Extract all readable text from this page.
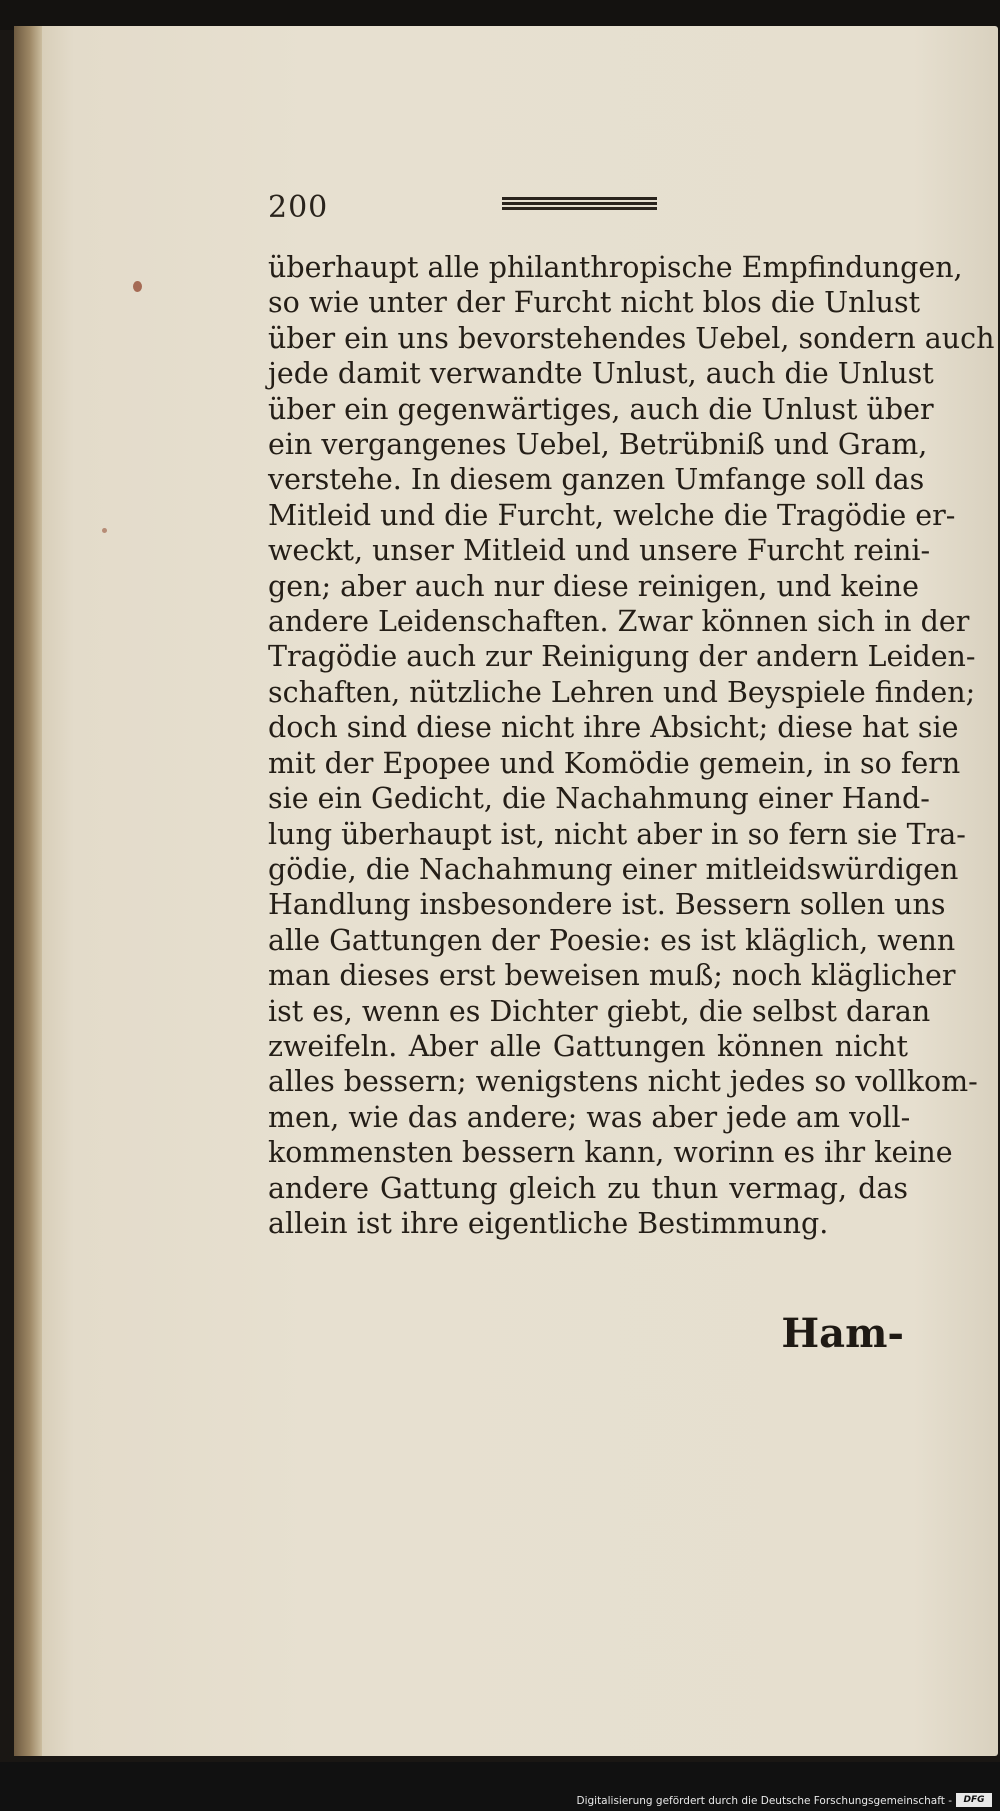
200
überhaupt alle philanthropische Empfindungen,
so wie unter der Furcht nicht blos die Unlust
über ein uns bevorstehendes Uebel, sondern auch
jede damit verwandte Unlust, auch die Unlust
über ein gegenwärtiges, auch die Unlust über
ein vergangenes Uebel, Betrübniß und Gram,
verstehe. In diesem ganzen Umfange soll das
Mitleid und die Furcht, welche die Tragödie er-
weckt, unser Mitleid und unsere Furcht reini-
gen; aber auch nur diese reinigen, und keine
andere Leidenschaften. Zwar können sich in der
Tragödie auch zur Reinigung der andern Leiden-
schaften, nützliche Lehren und Beyspiele finden;
doch sind diese nicht ihre Absicht; diese hat sie
mit der Epopee und Komödie gemein, in so fern
sie ein Gedicht, die Nachahmung einer Hand-
lung überhaupt ist, nicht aber in so fern sie Tra-
gödie, die Nachahmung einer mitleidswürdigen
Handlung insbesondere ist. Bessern sollen uns
alle Gattungen der Poesie: es ist kläglich, wenn
man dieses erst beweisen muß; noch kläglicher
ist es, wenn es Dichter giebt, die selbst daran
zweifeln. Aber alle Gattungen können nicht
alles bessern; wenigstens nicht jedes so vollkom-
men, wie das andere; was aber jede am voll-
kommensten bessern kann, worinn es ihr keine
andere Gattung gleich zu thun vermag, das
allein ist ihre eigentliche Bestimmung.
Ham-
Digitalisierung gefördert durch die Deutsche Forschungsgemeinschaft -	DFG
